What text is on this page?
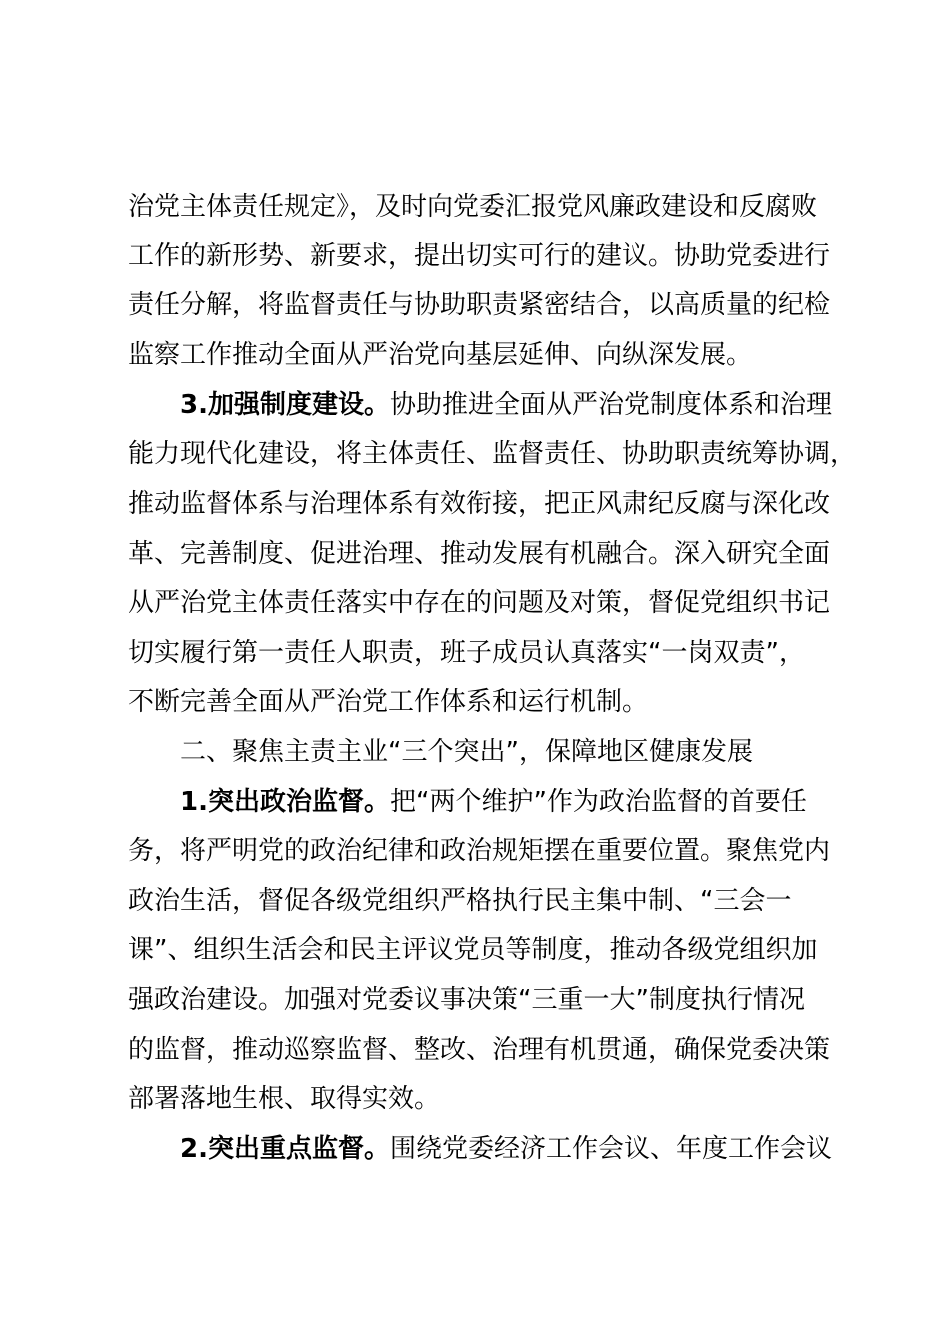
治党主体责任规定》，及时向党委汇报党风廉政建设和反腐败
工作的新形势、新要求，提出切实可行的建议。协助党委进行
责任分解，将监督责任与协助职责紧密结合，以高质量的纪检
监察工作推动全面从严治党向基层延伸、向纵深发展。
3.加强制度建设。协助推进全面从严治党制度体系和治理
能力现代化建设，将主体责任、监督责任、协助职责统筹协调，
推动监督体系与治理体系有效衔接，把正风肃纪反腐与深化改
革、完善制度、促进治理、推动发展有机融合。深入研究全面
从严治党主体责任落实中存在的问题及对策，督促党组织书记
切实履行第一责任人职责，班子成员认真落实“一岗双责”，
不断完善全面从严治党工作体系和运行机制。
二、聚焦主责主业“三个突出”，保障地区健康发展
1.突出政治监督。把“两个维护”作为政治监督的首要任
务，将严明党的政治纪律和政治规矩摆在重要位置。聚焦党内
政治生活，督促各级党组织严格执行民主集中制、“三会一
课”、组织生活会和民主评议党员等制度，推动各级党组织加
强政治建设。加强对党委议事决策“三重一大”制度执行情况
的监督，推动巡察监督、整改、治理有机贯通，确保党委决策
部署落地生根、取得实效。
2.突出重点监督。围绕党委经济工作会议、年度工作会议
